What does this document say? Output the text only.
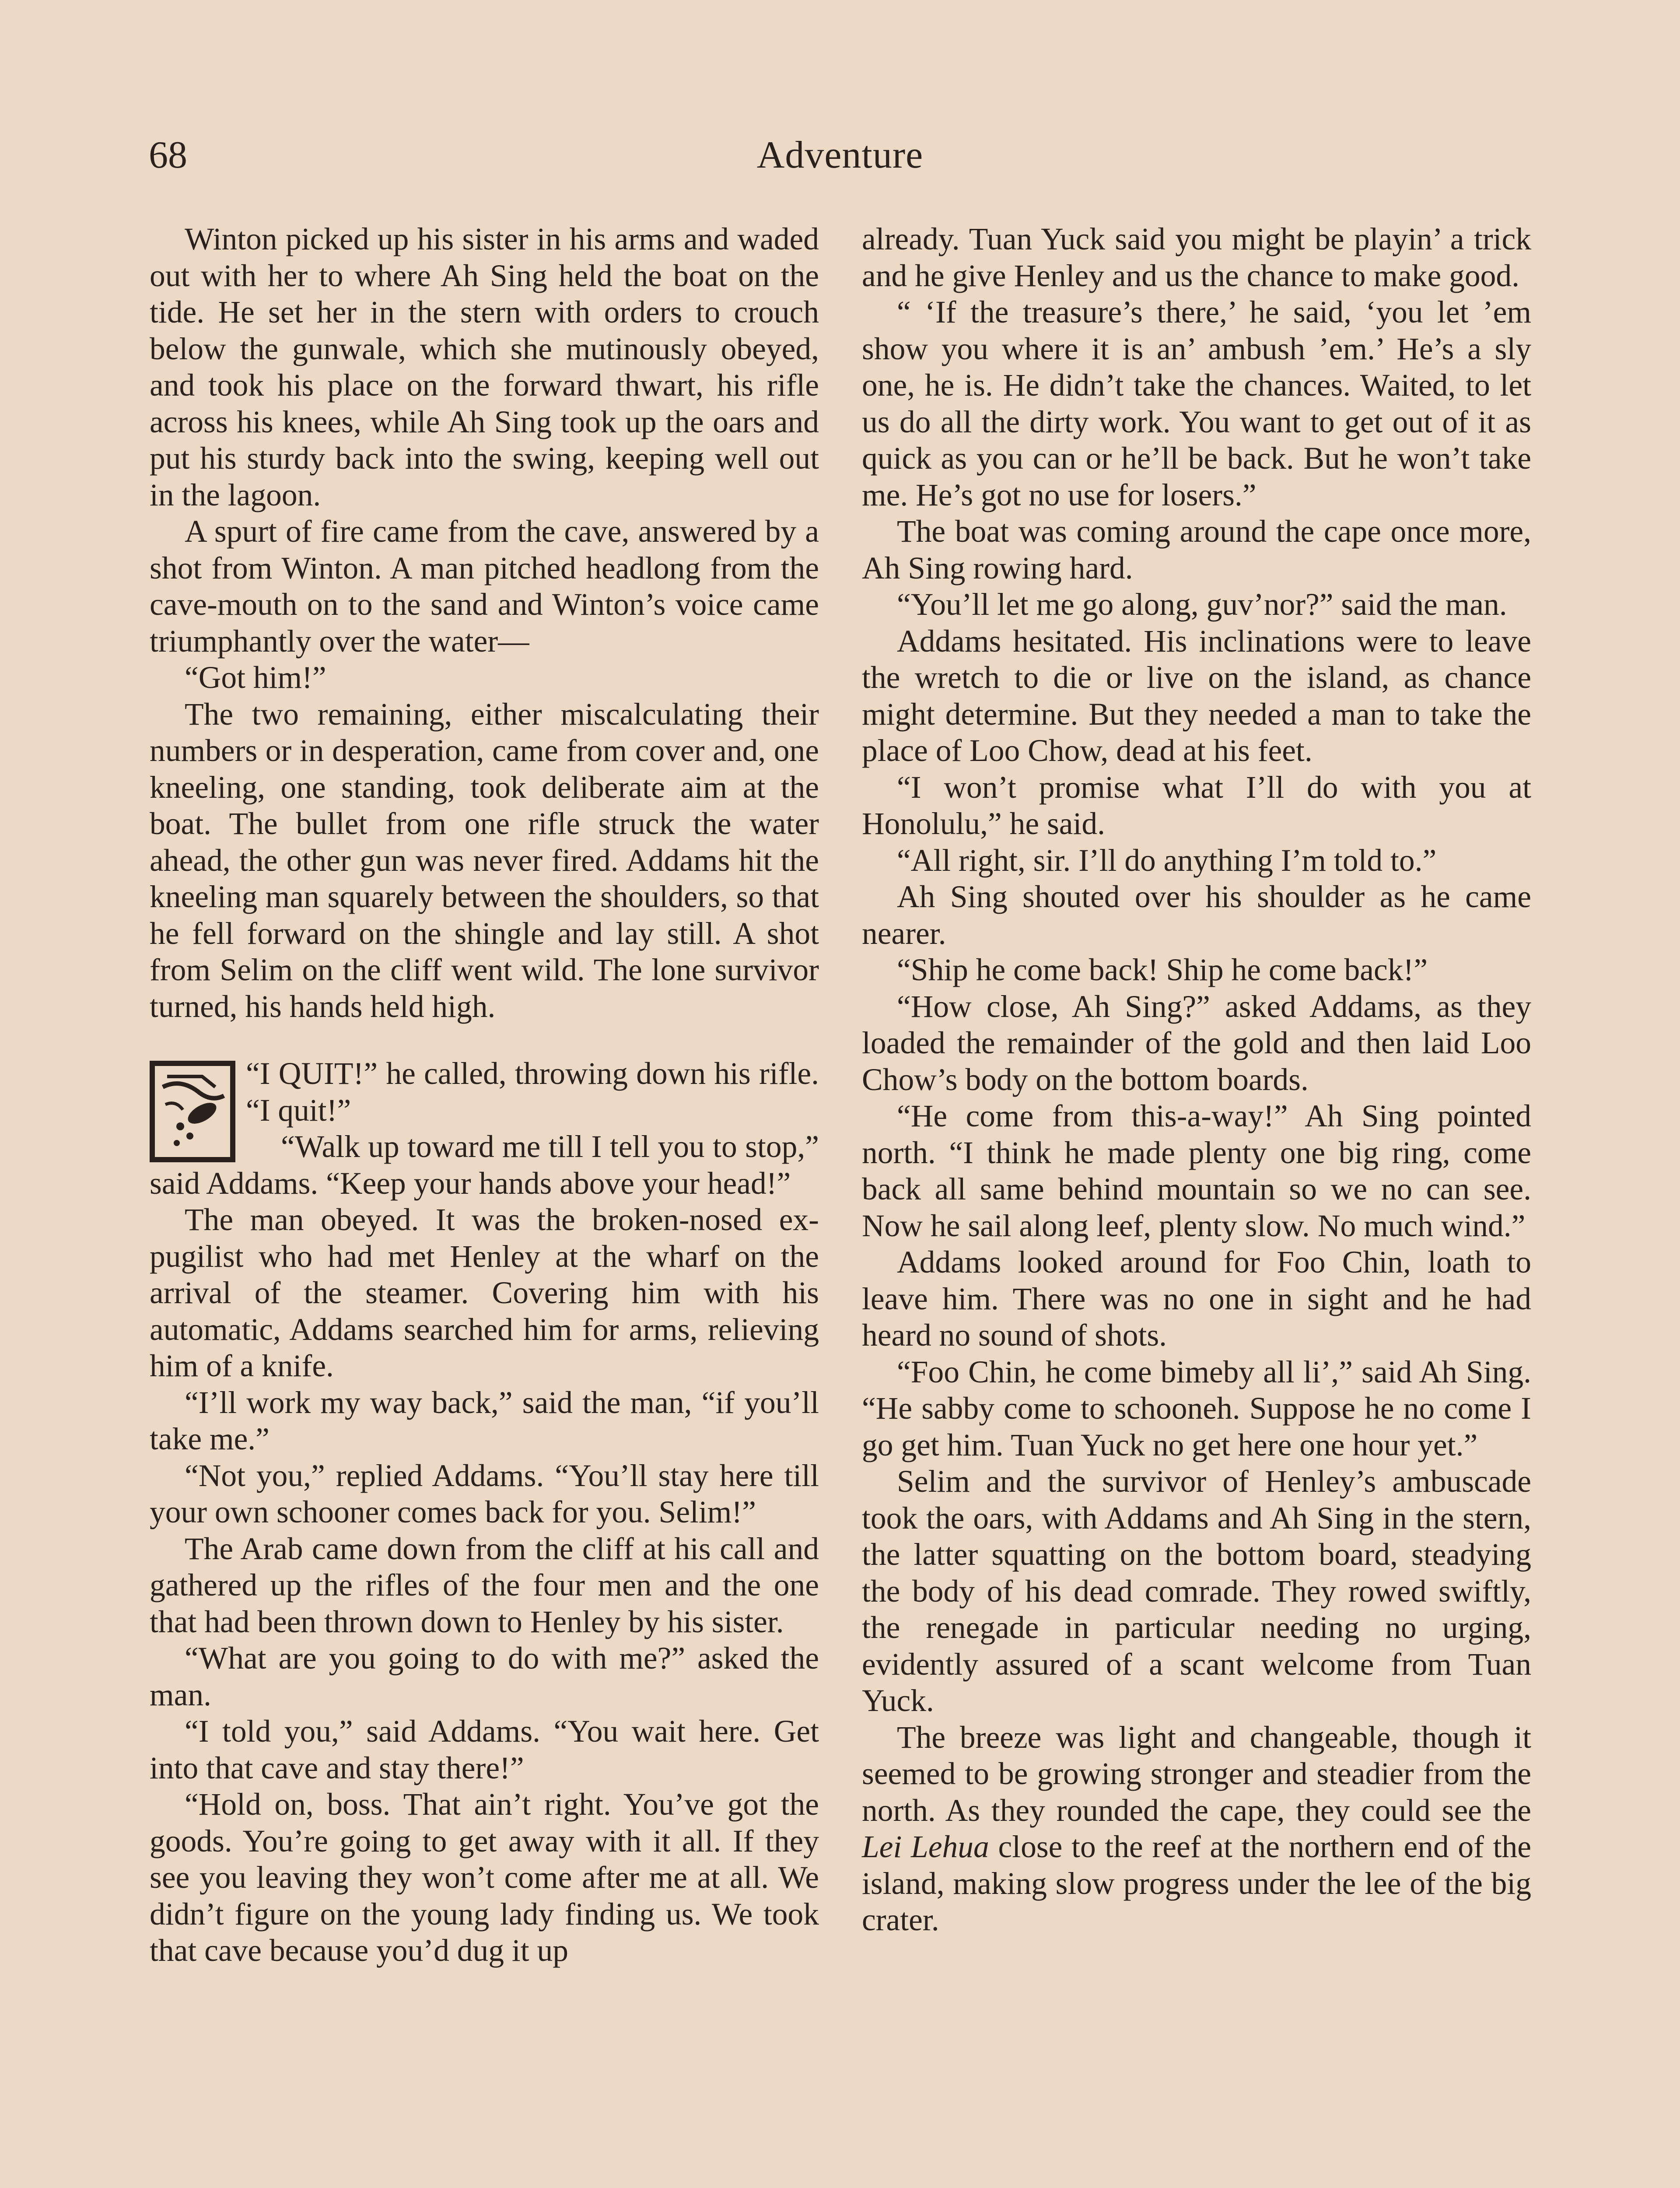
68	Adventure

Winton picked up his sister in his arms and waded out with her to where Ah Sing held the boat on the tide. He set her in the stern with orders to crouch below the gunwale, which she mutinously obeyed, and took his place on the forward thwart, his rifle across his knees, while Ah Sing took up the oars and put his sturdy back into the swing, keeping well out in the lagoon.

A spurt of fire came from the cave, answered by a shot from Winton. A man pitched headlong from the cave-mouth on to the sand and Winton’s voice came triumphantly over the water—

“Got him!”

The two remaining, either miscalculating their numbers or in desperation, came from cover and, one kneeling, one standing, took deliberate aim at the boat. The bullet from one rifle struck the water ahead, the other gun was never fired. Addams hit the kneeling man squarely between the shoulders, so that he fell forward on the shingle and lay still. A shot from Selim on the cliff went wild. The lone survivor turned, his hands held high.

“I QUIT!” he called, throwing down his rifle. “I quit!”

“Walk up toward me till I tell you to stop,” said Addams. “Keep your hands above your head!”

The man obeyed. It was the broken-nosed ex-pugilist who had met Henley at the wharf on the arrival of the steamer. Covering him with his automatic, Addams searched him for arms, relieving him of a knife.

“I’ll work my way back,” said the man, “if you’ll take me.”

“Not you,” replied Addams. “You’ll stay here till your own schooner comes back for you. Selim!”

The Arab came down from the cliff at his call and gathered up the rifles of the four men and the one that had been thrown down to Henley by his sister.

“What are you going to do with me?” asked the man.

“I told you,” said Addams. “You wait here. Get into that cave and stay there!”

“Hold on, boss. That ain’t right. You’ve got the goods. You’re going to get away with it all. If they see you leaving they won’t come after me at all. We didn’t figure on the young lady finding us. We took that cave because you’d dug it up

already. Tuan Yuck said you might be playin’ a trick and he give Henley and us the chance to make good.

“ ‘If the treasure’s there,’ he said, ‘you let ’em show you where it is an’ ambush ’em.’ He’s a sly one, he is. He didn’t take the chances. Waited, to let us do all the dirty work. You want to get out of it as quick as you can or he’ll be back. But he won’t take me. He’s got no use for losers.”

The boat was coming around the cape once more, Ah Sing rowing hard.

“You’ll let me go along, guv’nor?” said the man.

Addams hesitated. His inclinations were to leave the wretch to die or live on the island, as chance might determine. But they needed a man to take the place of Loo Chow, dead at his feet.

“I won’t promise what I’ll do with you at Honolulu,” he said.

“All right, sir. I’ll do anything I’m told to.”

Ah Sing shouted over his shoulder as he came nearer.

“Ship he come back! Ship he come back!”

“How close, Ah Sing?” asked Addams, as they loaded the remainder of the gold and then laid Loo Chow’s body on the bottom boards.

“He come from this-a-way!” Ah Sing pointed north. “I think he made plenty one big ring, come back all same behind mountain so we no can see. Now he sail along leef, plenty slow. No much wind.”

Addams looked around for Foo Chin, loath to leave him. There was no one in sight and he had heard no sound of shots.

“Foo Chin, he come bimeby all li’,” said Ah Sing. “He sabby come to schooneh. Suppose he no come I go get him. Tuan Yuck no get here one hour yet.”

Selim and the survivor of Henley’s ambuscade took the oars, with Addams and Ah Sing in the stern, the latter squatting on the bottom board, steadying the body of his dead comrade. They rowed swiftly, the renegade in particular needing no urging, evidently assured of a scant welcome from Tuan Yuck.

The breeze was light and changeable, though it seemed to be growing stronger and steadier from the north. As they rounded the cape, they could see the Lei Lehua close to the reef at the northern end of the island, making slow progress under the lee of the big crater.
